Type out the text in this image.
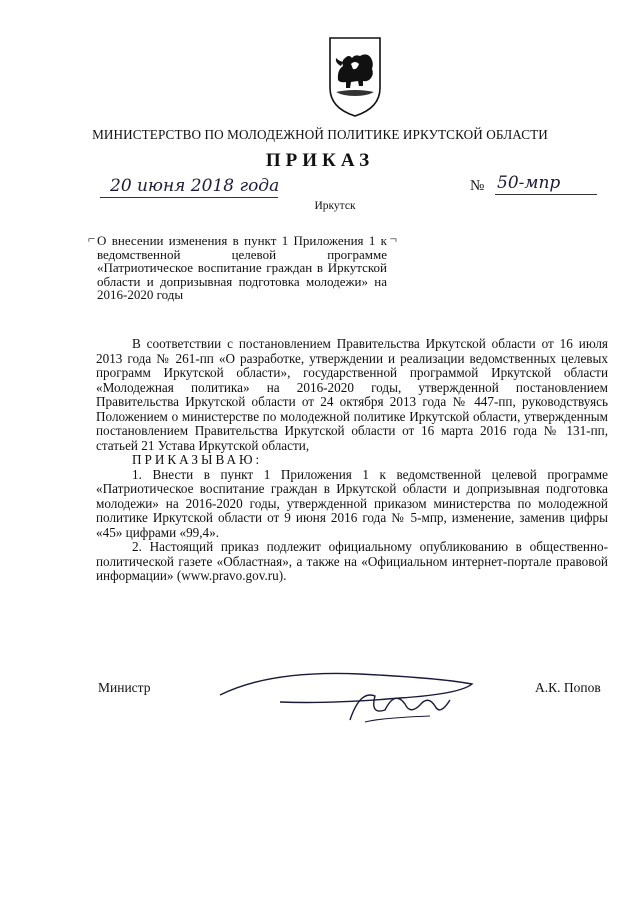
МИНИСТЕРСТВО ПО МОЛОДЕЖНОЙ ПОЛИТИКЕ ИРКУТСКОЙ ОБЛАСТИ
ПРИКАЗ
20 июня 2018 года	№ 50-мпр
Иркутск
⌐	¬
О внесении изменения в пункт 1 Приложения 1 к ведомственной целевой программе «Патриотическое воспитание граждан в Иркутской области и допризывная подготовка молодежи» на 2016-2020 годы

В соответствии с постановлением Правительства Иркутской области от 16 июля 2013 года № 261-пп «О разработке, утверждении и реализации ведомственных целевых программ Иркутской области», государственной программой Иркутской области «Молодежная политика» на 2016-2020 годы, утвержденной постановлением Правительства Иркутской области от 24 октября 2013 года № 447-пп, руководствуясь Положением о министерстве по молодежной политике Иркутской области, утвержденным постановлением Правительства Иркутской области от 16 марта 2016 года № 131-пп, статьей 21 Устава Иркутской области,

ПРИКАЗЫВАЮ:

1. Внести в пункт 1 Приложения 1 к ведомственной целевой программе «Патриотическое воспитание граждан в Иркутской области и допризывная подготовка молодежи» на 2016-2020 годы, утвержденной приказом министерства по молодежной политике Иркутской области от 9 июня 2016 года № 5-мпр, изменение, заменив цифры «45» цифрами «99,4».

2. Настоящий приказ подлежит официальному опубликованию в общественно-политической газете «Областная», а также на «Официальном интернет-портале правовой информации» (www.pravo.gov.ru).

Министр	А.К. Попов
